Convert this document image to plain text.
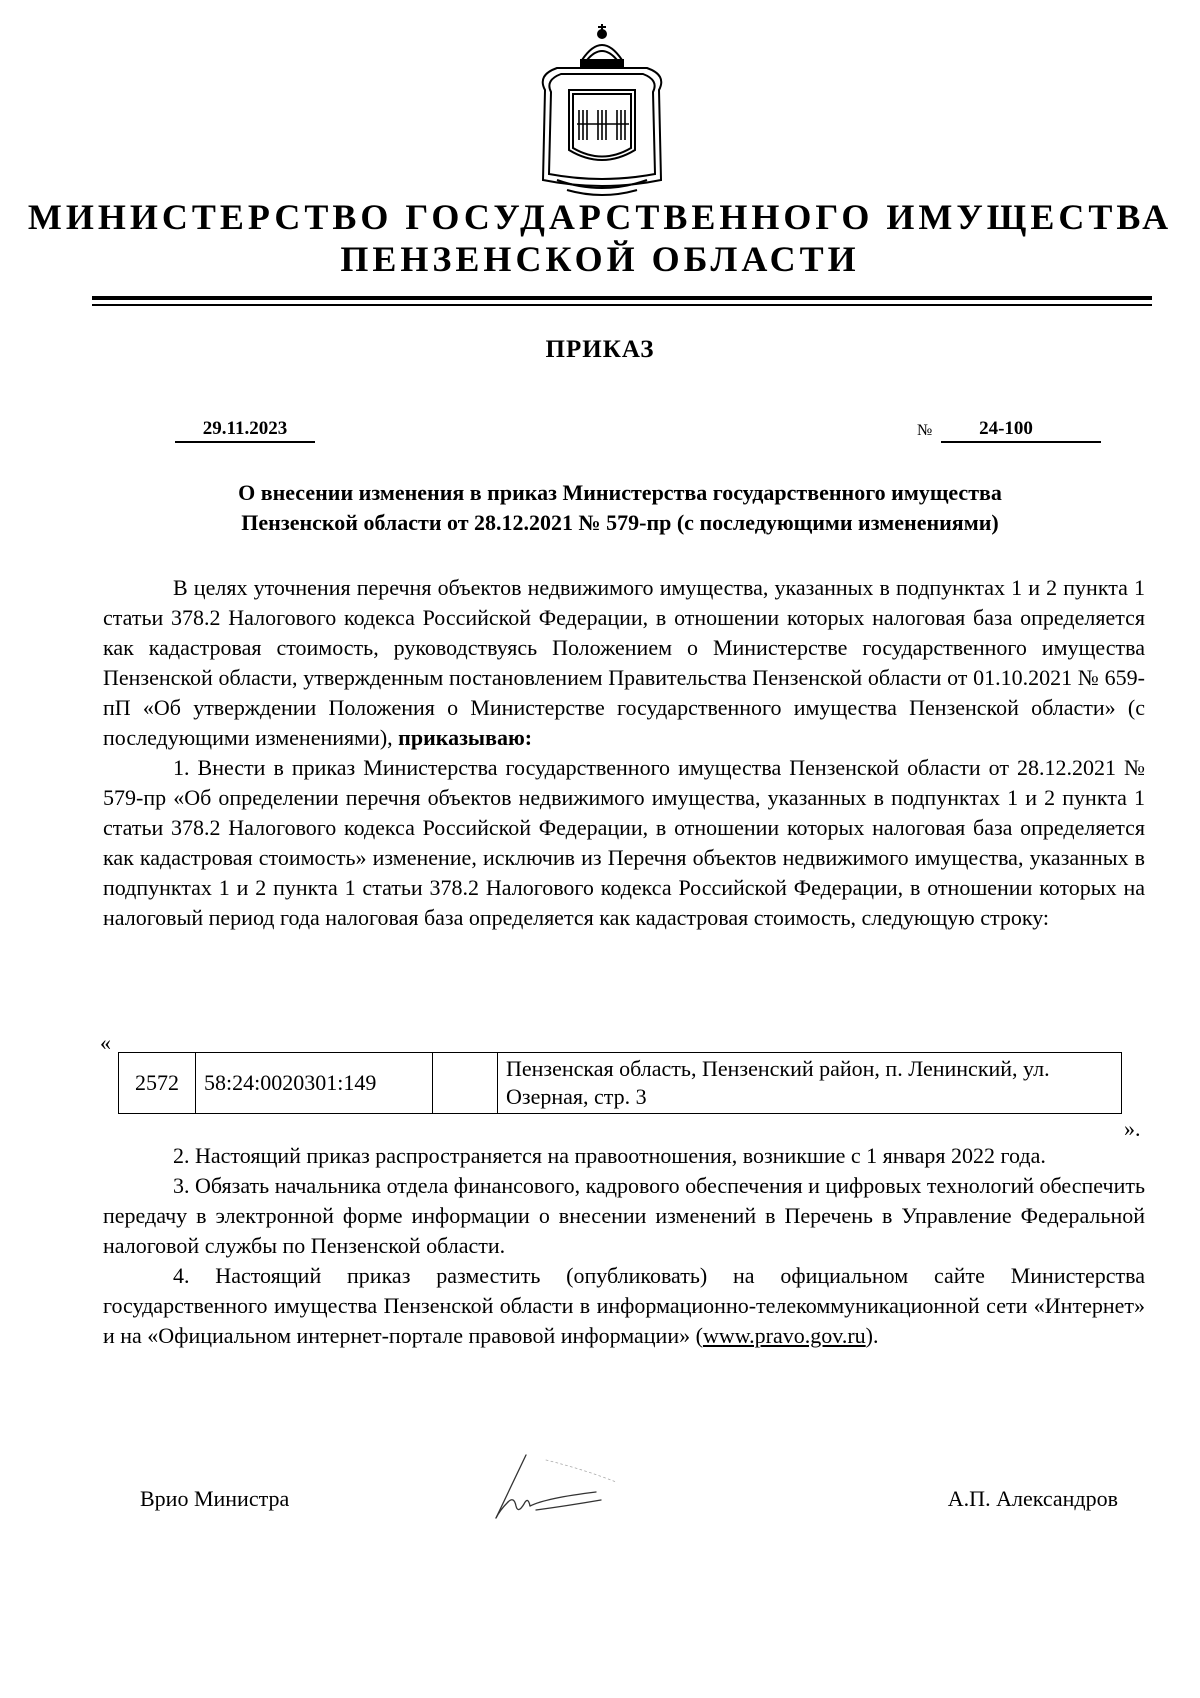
МИНИСТЕРСТВО ГОСУДАРСТВЕННОГО ИМУЩЕСТВА
ПЕНЗЕНСКОЙ ОБЛАСТИ
ПРИКАЗ
29.11.2023	№	24-100
О внесении изменения в приказ Министерства государственного имущества
Пензенской области от 28.12.2021 № 579-пр (с последующими изменениями)

В целях уточнения перечня объектов недвижимого имущества, указанных в подпунктах 1 и 2 пункта 1 статьи 378.2 Налогового кодекса Российской Федерации, в отношении которых налоговая база определяется как кадастровая стоимость, руководствуясь Положением о Министерстве государственного имущества Пензенской области, утвержденным постановлением Правительства Пензенской области от 01.10.2021 № 659-пП «Об утверждении Положения о Министерстве государственного имущества Пензенской области» (с последующими изменениями), приказываю:

1. Внести в приказ Министерства государственного имущества Пензенской области от 28.12.2021 № 579-пр «Об определении перечня объектов недвижимого имущества, указанных в подпунктах 1 и 2 пункта 1 статьи 378.2 Налогового кодекса Российской Федерации, в отношении которых налоговая база определяется как кадастровая стоимость» изменение, исключив из Перечня объектов недвижимого имущества, указанных в подпунктах 1 и 2 пункта 1 статьи 378.2 Налогового кодекса Российской Федерации, в отношении которых на налоговый период года налоговая база определяется как кадастровая стоимость, следующую строку:

«
2572	58:24:0020301:149		Пензенская область, Пензенский район, п. Ленинский, ул. Озерная, стр. 3
».

2. Настоящий приказ распространяется на правоотношения, возникшие с 1 января 2022 года.

3. Обязать начальника отдела финансового, кадрового обеспечения и цифровых технологий обеспечить передачу в электронной форме информации о внесении изменений в Перечень в Управление Федеральной налоговой службы по Пензенской области.

4. Настоящий приказ разместить (опубликовать) на официальном сайте Министерства государственного имущества Пензенской области в информационно-телекоммуникационной сети «Интернет» и на «Официальном интернет-портале правовой информации» (www.pravo.gov.ru).

Врио Министра	А.П. Александров
